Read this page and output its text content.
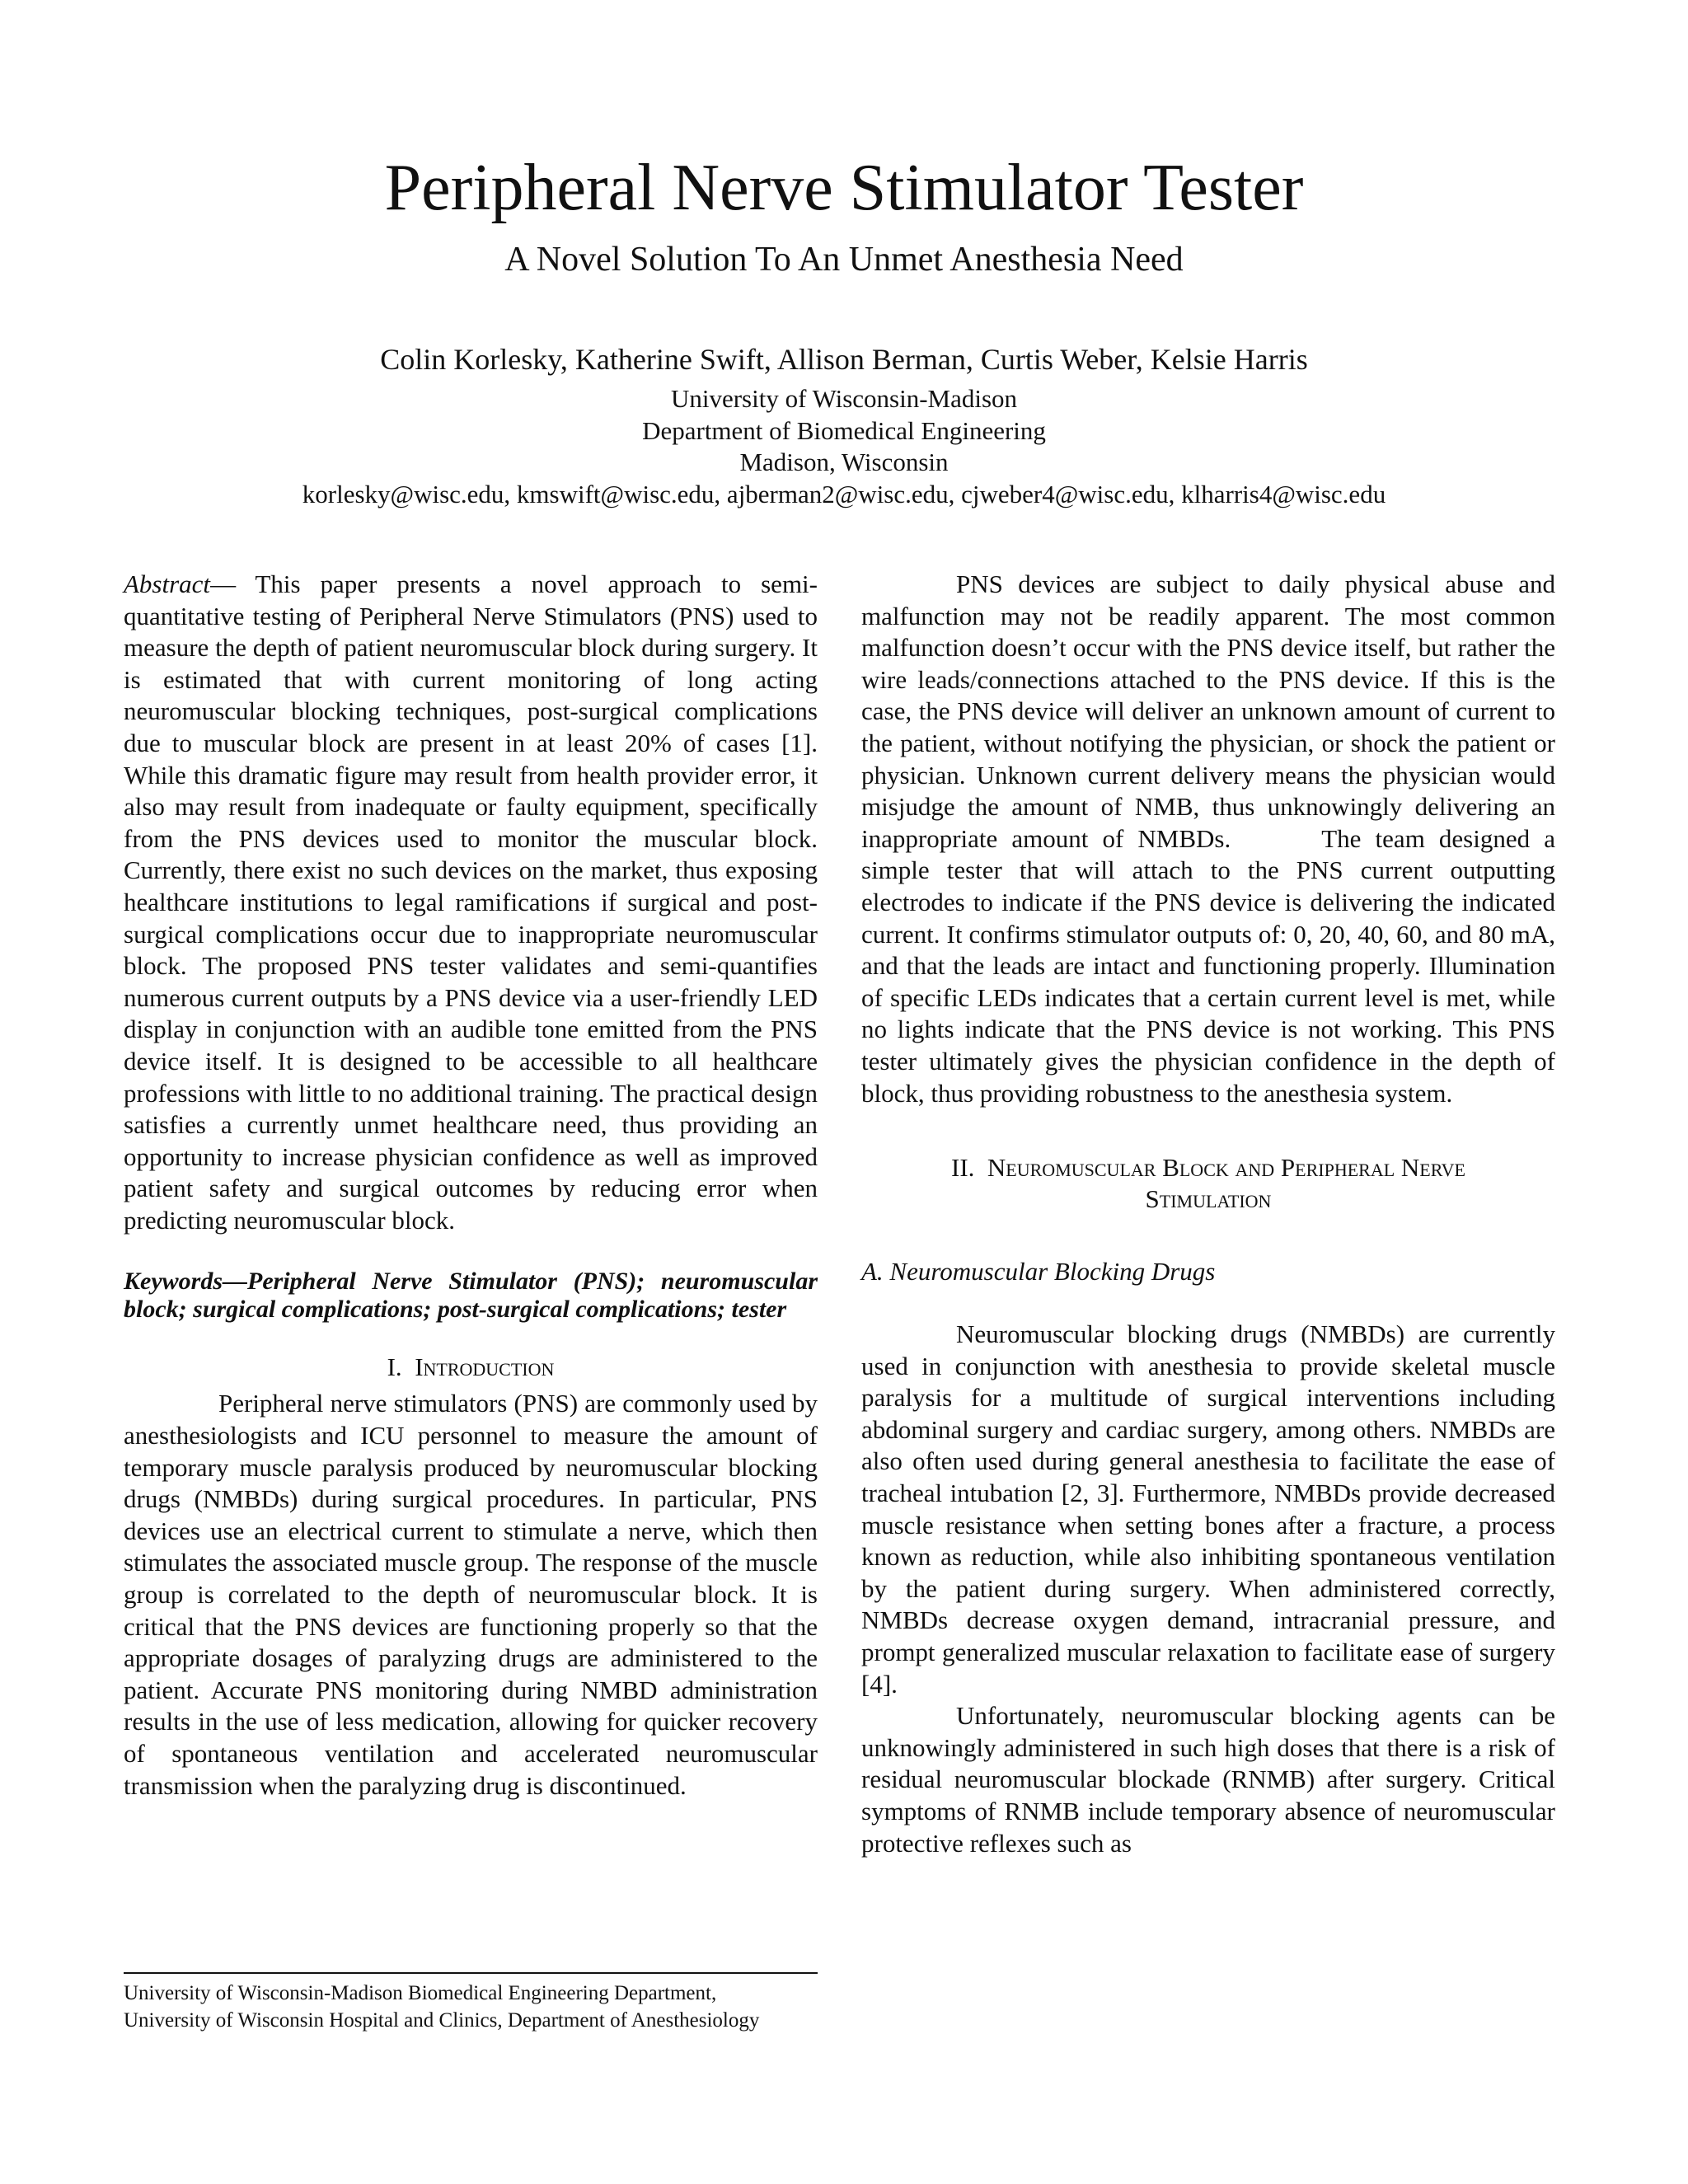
Peripheral Nerve Stimulator Tester
A Novel Solution To An Unmet Anesthesia Need
Colin Korlesky, Katherine Swift, Allison Berman, Curtis Weber, Kelsie Harris
University of Wisconsin-Madison
Department of Biomedical Engineering
Madison, Wisconsin
korlesky@wisc.edu, kmswift@wisc.edu, ajberman2@wisc.edu, cjweber4@wisc.edu, klharris4@wisc.edu

Abstract— This paper presents a novel approach to semi-quantitative testing of Peripheral Nerve Stimulators (PNS) used to measure the depth of patient neuromuscular block during surgery. It is estimated that with current monitoring of long acting neuromuscular blocking techniques, post-surgical complications due to muscular block are present in at least 20% of cases [1]. While this dramatic figure may result from health provider error, it also may result from inadequate or faulty equipment, specifically from the PNS devices used to monitor the muscular block. Currently, there exist no such devices on the market, thus exposing healthcare institutions to legal ramifications if surgical and post-surgical complications occur due to inappropriate neuromuscular block. The proposed PNS tester validates and semi-quantifies numerous current outputs by a PNS device via a user-friendly LED display in conjunction with an audible tone emitted from the PNS device itself. It is designed to be accessible to all healthcare professions with little to no additional training. The practical design satisfies a currently unmet healthcare need, thus providing an opportunity to increase physician confidence as well as improved patient safety and surgical outcomes by reducing error when predicting neuromuscular block.

Keywords—Peripheral Nerve Stimulator (PNS); neuromuscular block; surgical complications; post-surgical complications; tester

I. Introduction

Peripheral nerve stimulators (PNS) are commonly used by anesthesiologists and ICU personnel to measure the amount of temporary muscle paralysis produced by neuromuscular blocking drugs (NMBDs) during surgical procedures. In particular, PNS devices use an electrical current to stimulate a nerve, which then stimulates the associated muscle group. The response of the muscle group is correlated to the depth of neuromuscular block. It is critical that the PNS devices are functioning properly so that the appropriate dosages of paralyzing drugs are administered to the patient. Accurate PNS monitoring during NMBD administration results in the use of less medication, allowing for quicker recovery of spontaneous ventilation and accelerated neuromuscular transmission when the paralyzing drug is discontinued.

PNS devices are subject to daily physical abuse and malfunction may not be readily apparent. The most common malfunction doesn’t occur with the PNS device itself, but rather the wire leads/connections attached to the PNS device. If this is the case, the PNS device will deliver an unknown amount of current to the patient, without notifying the physician, or shock the patient or physician. Unknown current delivery means the physician would misjudge the amount of NMB, thus unknowingly delivering an inappropriate amount of NMBDs.	The team designed a simple tester that will attach to the PNS current outputting electrodes to indicate if the PNS device is delivering the indicated current. It confirms stimulator outputs of: 0, 20, 40, 60, and 80 mA, and that the leads are intact and functioning properly. Illumination of specific LEDs indicates that a certain current level is met, while no lights indicate that the PNS device is not working. This PNS tester ultimately gives the physician confidence in the depth of block, thus providing robustness to the anesthesia system.

II. Neuromuscular Block and Peripheral Nerve
Stimulation
A. Neuromuscular Blocking Drugs

Neuromuscular blocking drugs (NMBDs) are currently used in conjunction with anesthesia to provide skeletal muscle paralysis for a multitude of surgical interventions including abdominal surgery and cardiac surgery, among others. NMBDs are also often used during general anesthesia to facilitate the ease of tracheal intubation [2, 3]. Furthermore, NMBDs provide decreased muscle resistance when setting bones after a fracture, a process known as reduction, while also inhibiting spontaneous ventilation by the patient during surgery. When administered correctly, NMBDs decrease oxygen demand, intracranial pressure, and prompt generalized muscular relaxation to facilitate ease of surgery [4].

Unfortunately, neuromuscular blocking agents can be unknowingly administered in such high doses that there is a risk of residual neuromuscular blockade (RNMB) after surgery. Critical symptoms of RNMB include temporary absence of neuromuscular protective reflexes such as

University of Wisconsin-Madison Biomedical Engineering Department,
University of Wisconsin Hospital and Clinics, Department of Anesthesiology
